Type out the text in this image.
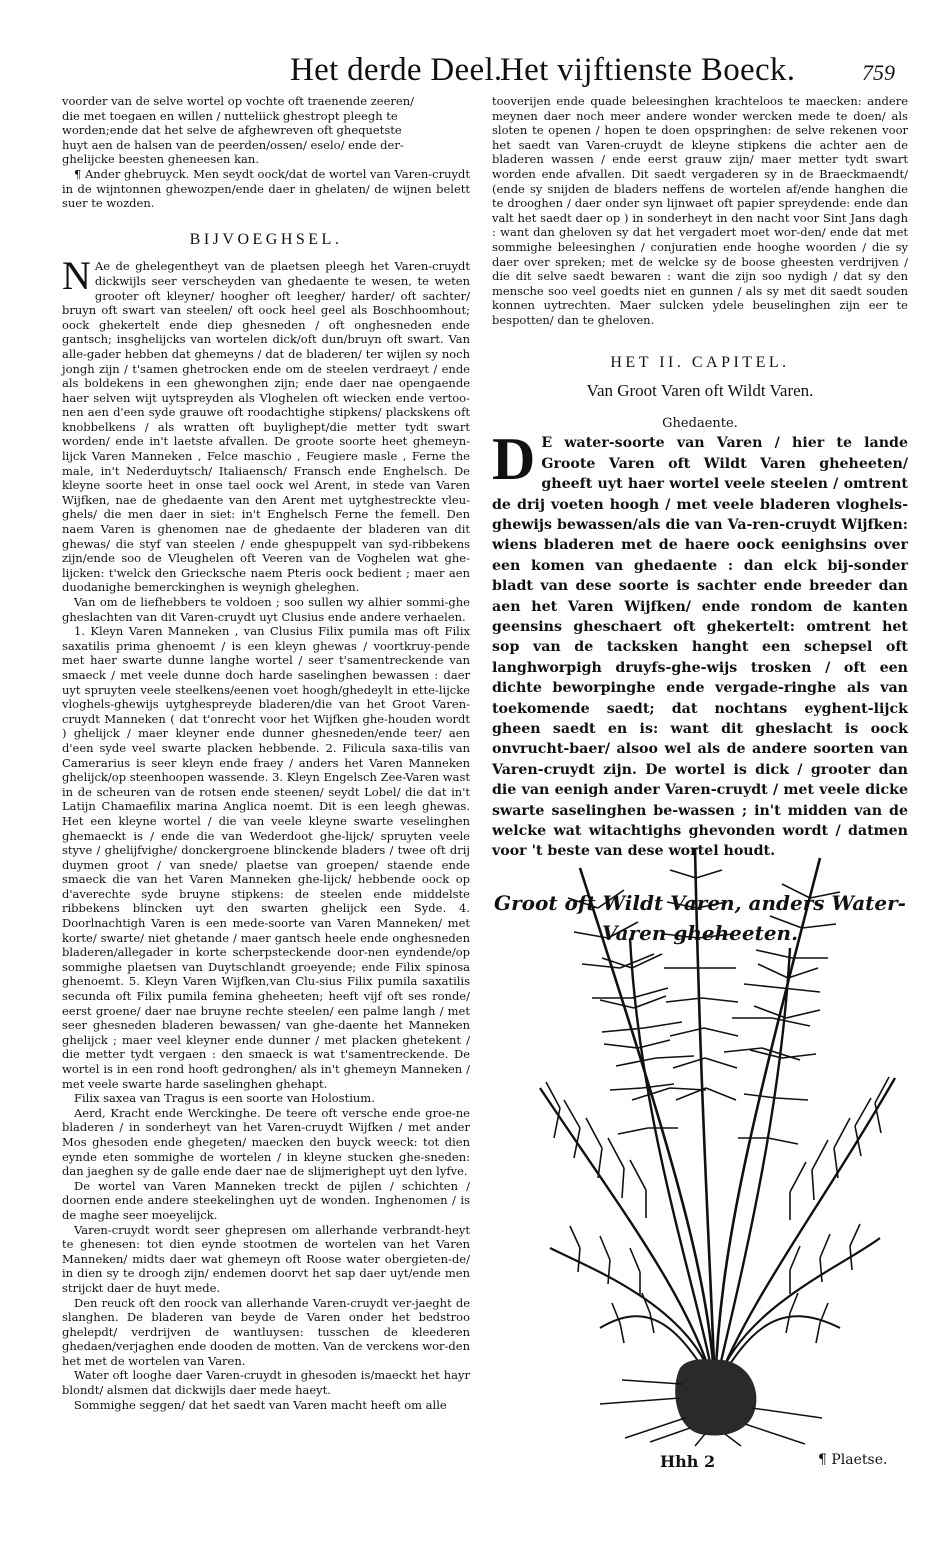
Het derde Deel.
Het vijftienste Boeck.	759

voorder van de selve wortel op vochte oft traenende zeeren/

die met toegaen en willen / nutteliick ghestropt pleegh te

worden;ende dat het selve de afghewreven oft ghequetste

huyt aen de halsen van de peerden/ossen/ eselo/ ende der-

ghelijcke beesten gheneesen kan.

¶ Ander ghebruyck. Men seydt oock/dat de wortel van Varen-cruydt in de wijntonnen ghewozpen/ende daer in ghelaten/ de wijnen belett suer te wozden.

BIJVOEGHSEL.

N Ae de ghelegentheyt van de plaetsen pleegh het Varen-cruydt dickwijls seer verscheyden van ghedaente te wesen, te weten grooter oft kleyner/ hoogher oft leegher/ harder/ oft sachter/ bruyn oft swart van steelen/ oft oock heel geel als Boschhoomhout; oock ghekertelt ende diep ghesneden / oft onghesneden ende gantsch; insghelijcks van wortelen dick/oft dun/bruyn oft swart. Van alle-gader hebben dat ghemeyns / dat de bladeren/ ter wijlen sy noch jongh zijn / t'samen ghetrocken ende om de steelen verdraeyt / ende als boldekens in een ghewonghen zijn; ende daer nae opengaende haer selven wijt uytspreyden als Vloghelen oft wiecken ende vertoo-nen aen d'een syde grauwe oft roodachtighe stipkens/ plackskens oft knobbelkens / als wratten oft buylighept/die metter tydt swart worden/ ende in't laetste afvallen. De groote soorte heet ghemeyn-lijck Varen Manneken , Felce maschio , Feugiere masle , Ferne the male, in't Nederduytsch/ Italiaensch/ Fransch ende Enghelsch. De kleyne soorte heet in onse tael oock wel Arent, in stede van Varen Wijfken, nae de ghedaente van den Arent met uytghestreckte vleu-ghels/ die men daer in siet: in't Enghelsch Ferne the femell. Den naem Varen is ghenomen nae de ghedaente der bladeren van dit ghewas/ die styf van steelen / ende ghespuppelt van syd-ribbekens zijn/ende soo de Vleughelen oft Veeren van de Voghelen wat ghe-lijcken: t'welck den Griecksche naem Pteris oock bedient ; maer aen duodanighe bemerckinghen is weynigh gheleghen.

Van om de liefhebbers te voldoen ; soo sullen wy alhier sommi-ghe gheslachten van dit Varen-cruydt uyt Clusius ende andere verhaelen.

1. Kleyn Varen Manneken , van Clusius Filix pumila mas oft Filix saxatilis prima ghenoemt / is een kleyn ghewas / voortkruy-pende met haer swarte dunne langhe wortel / seer t'samentreckende van smaeck / met veele dunne doch harde saselinghen bewassen : daer uyt spruyten veele steelkens/eenen voet hoogh/ghedeylt in ette-lijcke vloghels-ghewijs uytghespreyde bladeren/die van het Groot Varen-cruydt Manneken ( dat t'onrecht voor het Wijfken ghe-houden wordt ) ghelijck / maer kleyner ende dunner ghesneden/ende teer/ aen d'een syde veel swarte placken hebbende. 2. Filicula saxa-tilis van Camerarius is seer kleyn ende fraey / anders het Varen Manneken ghelijck/op steenhoopen wassende. 3. Kleyn Engelsch Zee-Varen wast in de scheuren van de rotsen ende steenen/ seydt Lobel/ die dat in't Latijn Chamaefilix marina Anglica noemt. Dit is een leegh ghewas. Het een kleyne wortel / die van veele kleyne swarte veselinghen ghemaeckt is / ende die van Wederdoot ghe-lijck/ spruyten veele styve / ghelijfvighe/ donckergroene blinckende bladers / twee oft drij duymen groot / van snede/ plaetse van groepen/ staende ende smaeck die van het Varen Manneken ghe-lijck/ hebbende oock op d'averechte syde bruyne stipkens: de steelen ende middelste ribbekens blincken uyt den swarten ghelijck een Syde. 4. Doorlnachtigh Varen is een mede-soorte van Varen Manneken/ met korte/ swarte/ niet ghetande / maer gantsch heele ende onghesneden bladeren/allegader in korte scherpsteckende door-nen eyndende/op sommighe plaetsen van Duytschlandt groeyende; ende Filix spinosa ghenoemt. 5. Kleyn Varen Wijfken,van Clu-sius Filix pumila saxatilis secunda oft Filix pumila femina gheheeten; heeft vijf oft ses ronde/ eerst groene/ daer nae bruyne rechte steelen/ een palme langh / met seer ghesneden bladeren bewassen/ van ghe-daente het Manneken ghelijck ; maer veel kleyner ende dunner / met placken ghetekent / die metter tydt vergaen : den smaeck is wat t'samentreckende. De wortel is in een rond hooft gedronghen/ als in't ghemeyn Manneken / met veele swarte harde saselinghen ghehapt.

Filix saxea van Tragus is een soorte van Holostium.

Aerd, Kracht ende Werckinghe. De teere oft versche ende groe-ne bladeren / in sonderheyt van het Varen-cruydt Wijfken / met ander Mos ghesoden ende ghegeten/ maecken den buyck weeck: tot dien eynde eten sommighe de wortelen / in kleyne stucken ghe-sneden: dan jaeghen sy de galle ende daer nae de slijmerighept uyt den lyfve.

De wortel van Varen Manneken treckt de pijlen / schichten / doornen ende andere steekelinghen uyt de wonden. Inghenomen / is de maghe seer moeyelijck.

Varen-cruydt wordt seer ghepresen om allerhande verbrandt-heyt te ghenesen: tot dien eynde stootmen de wortelen van het Varen Manneken/ midts daer wat ghemeyn oft Roose water obergieten-de/ in dien sy te droogh zijn/ endemen doorvt het sap daer uyt/ende men strijckt daer de huyt mede.

Den reuck oft den roock van allerhande Varen-cruydt ver-jaeght de slanghen. De bladeren van beyde de Varen onder het bedstroo ghelepdt/ verdrijven de wantluysen: tusschen de kleederen ghedaen/verjaghen ende dooden de motten. Van de verckens wor-den het met de wortelen van Varen.

Water oft looghe daer Varen-cruydt in ghesoden is/maeckt het hayr blondt/ alsmen dat dickwijls daer mede haeyt.

Sommighe seggen/ dat het saedt van Varen macht heeft om alle

tooverijen ende quade beleesinghen krachteloos te maecken: andere meynen daer noch meer andere wonder wercken mede te doen/ als sloten te openen / hopen te doen opspringhen: de selve rekenen voor het saedt van Varen-cruydt de kleyne stipkens die achter aen de bladeren wassen / ende eerst grauw zijn/ maer metter tydt swart worden ende afvallen. Dit saedt vergaderen sy in de Braeckmaendt/ (ende sy snijden de bladers neffens de wortelen af/ende hanghen die te drooghen / daer onder syn lijnwaet oft papier spreydende: ende dan valt het saedt daer op ) in sonderheyt in den nacht voor Sint Jans dagh : want dan gheloven sy dat het vergadert moet wor-den/ ende dat met sommighe beleesinghen / conjuratien ende hooghe woorden / die sy daer over spreken; met de welcke sy de boose gheesten verdrijven / die dit selve saedt bewaren : want die zijn soo nydigh / dat sy den mensche soo veel goedts niet en gunnen / als sy met dit saedt souden konnen uytrechten. Maer sulcken ydele beuselinghen zijn eer te bespotten/ dan te gheloven.

HET II. CAPITEL.
Van Groot Varen oft Wildt Varen.
Ghedaente.

D E water-soorte van Varen / hier te lande Groote Varen oft Wildt Varen gheheeten/ gheeft uyt haer wortel veele steelen / omtrent de drij voeten hoogh / met veele bladeren vloghels-ghewijs bewassen/als die van Va-ren-cruydt Wijfken: wiens bladeren met de haere oock eenighsins over een komen van ghedaente : dan elck bij-sonder bladt van dese soorte is sachter ende breeder dan aen het Varen Wijfken/ ende rondom de kanten geensins gheschaert oft ghekertelt: omtrent het sop van de tacksken hanght een schepsel oft langhworpigh druyfs-ghe-wijs trosken / oft een dichte beworpinghe ende vergade-ringhe als van toekomende saedt; dat nochtans eyghent-lijck gheen saedt en is: want dit gheslacht is oock onvrucht-baer/ alsoo wel als de andere soorten van Varen-cruydt zijn. De wortel is dick / grooter dan die van eenigh ander Varen-cruydt / met veele dicke swarte saselinghen be-wassen ; in't midden van de welcke wat witachtighs ghevonden wordt / datmen voor 't beste van dese wortel houdt.

Groot oft Wildt Varen, anders Water-Varen gheheeten.
Hhh 2	¶ Plaetse.
